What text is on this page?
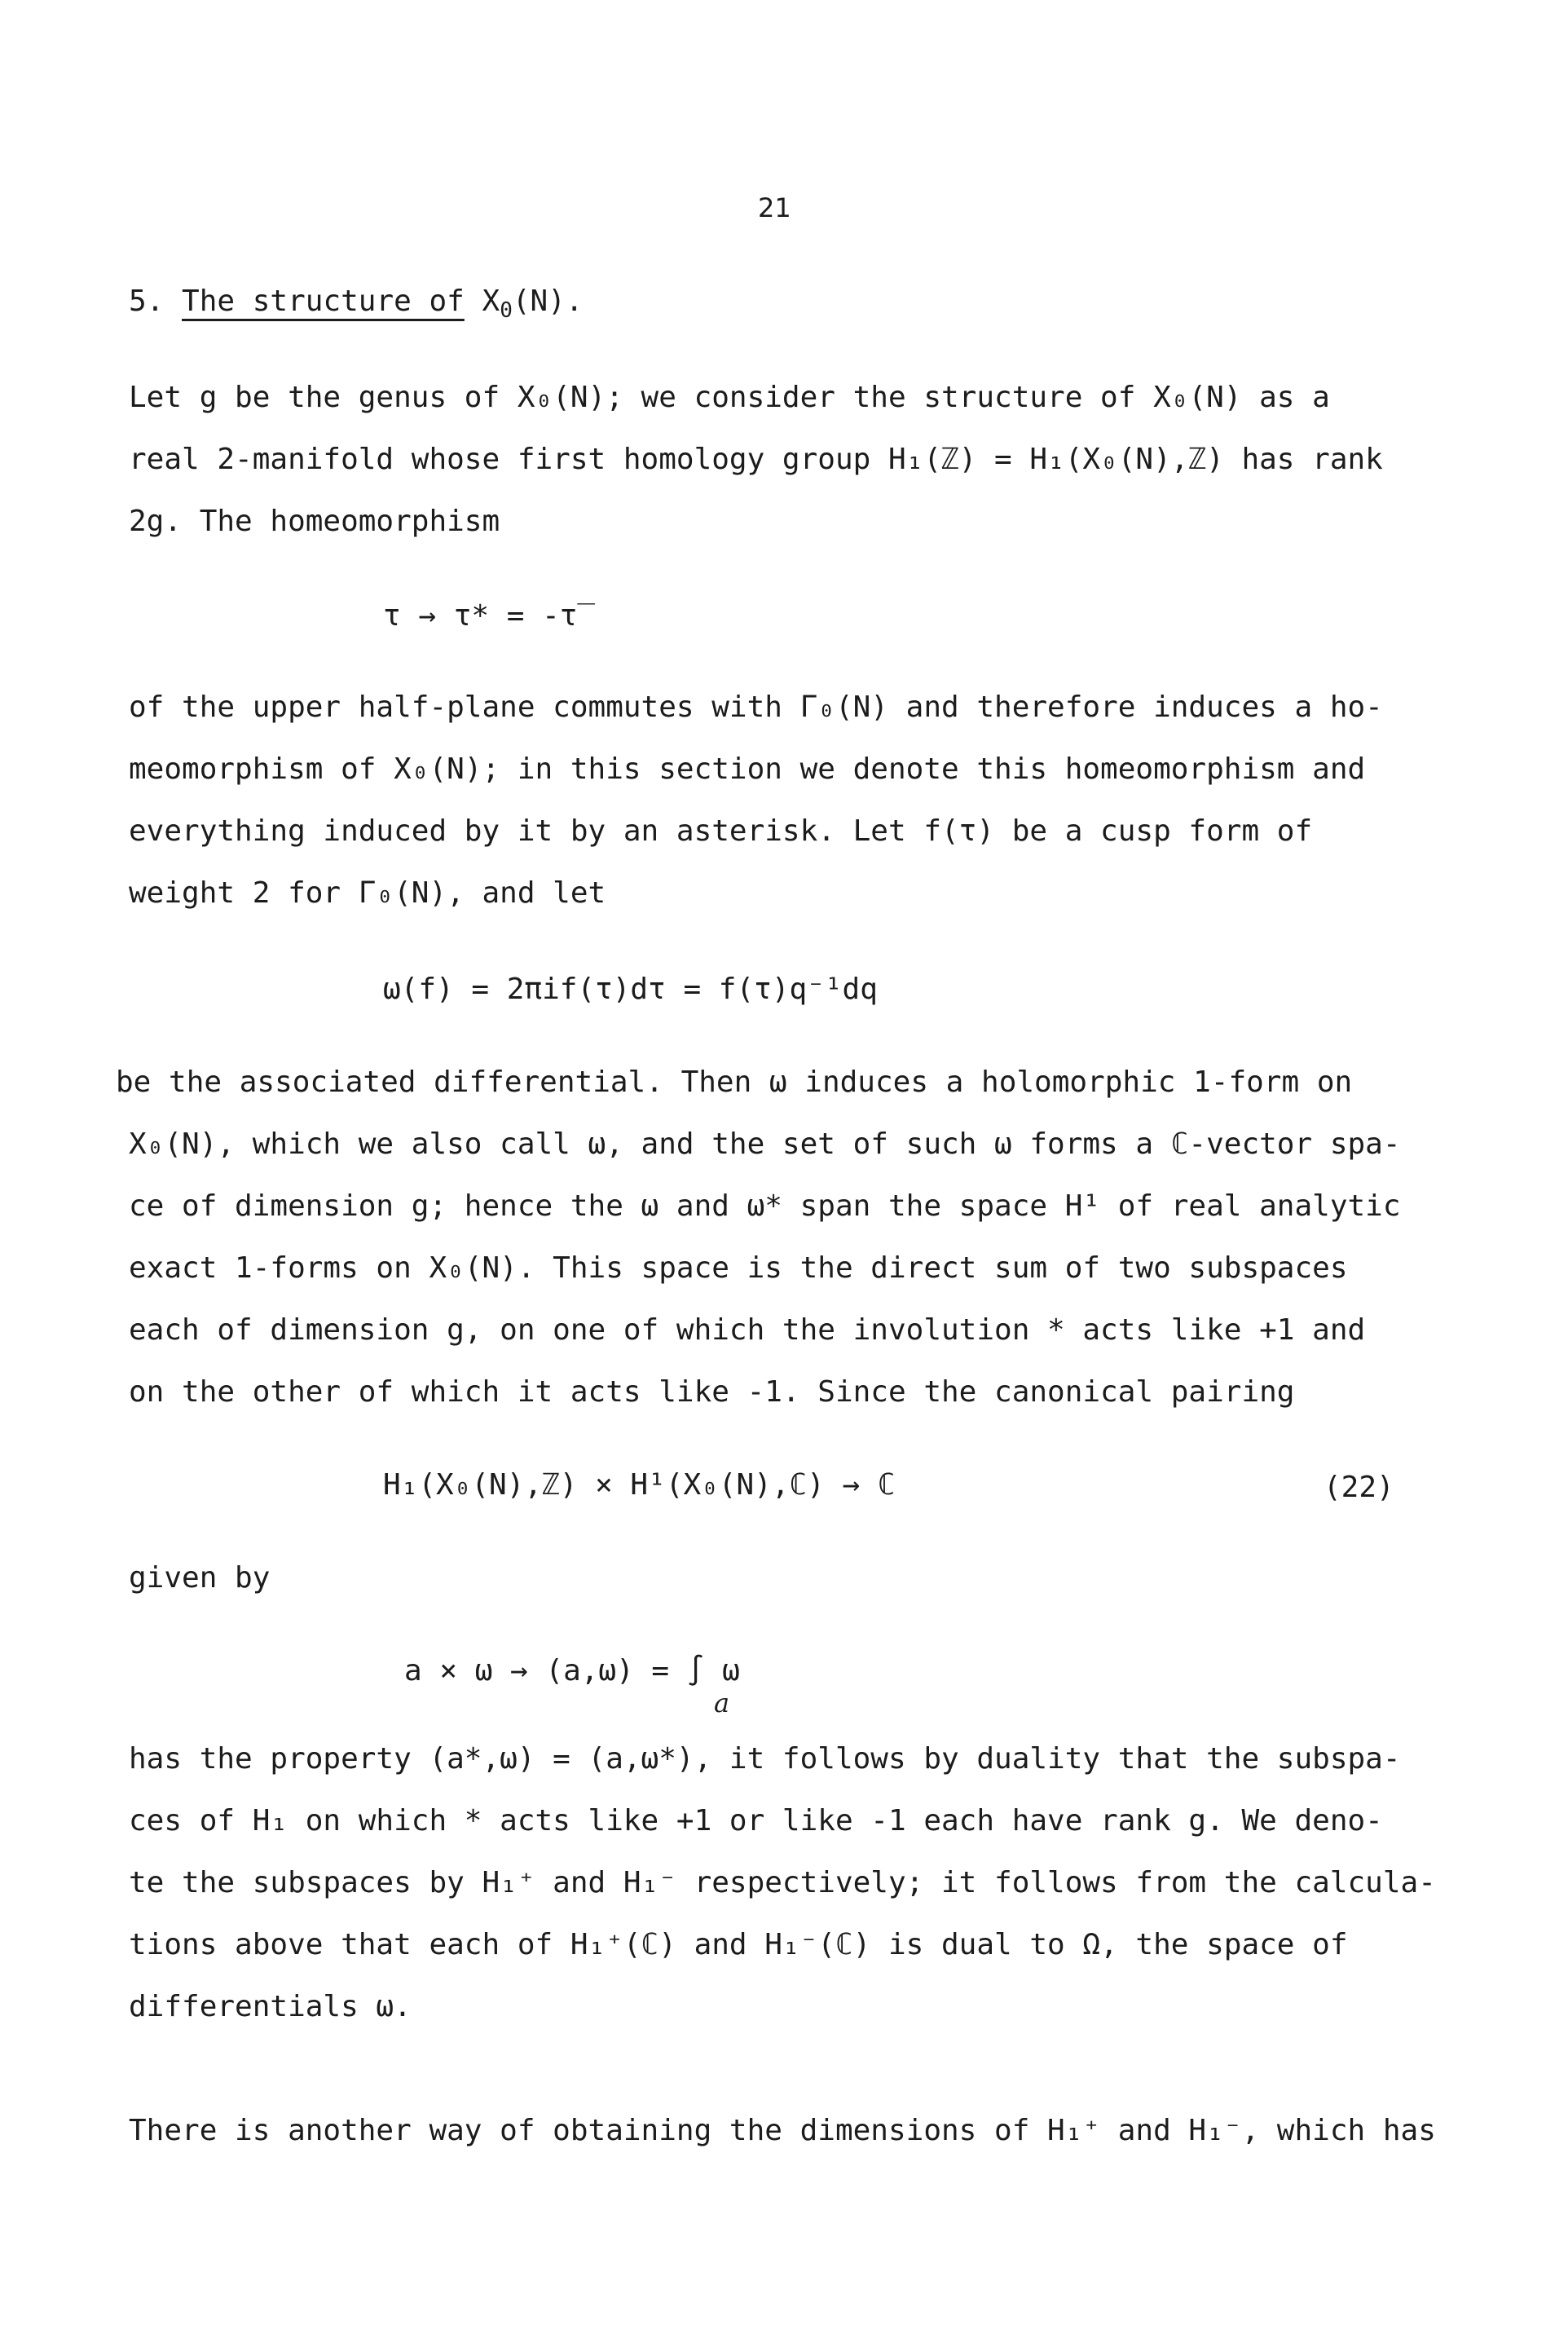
21
5. The structure of $X_0(N)$.
Let g be the genus of X₀(N); we consider the structure of X₀(N) as a
real 2-manifold whose first homology group H₁(ℤ) = H₁(X₀(N),ℤ) has rank
2g. The homeomorphism
τ → τ* = -τ̅
of the upper half-plane commutes with Γ₀(N) and therefore induces a ho-
meomorphism of X₀(N); in this section we denote this homeomorphism and
everything induced by it by an asterisk. Let f(τ) be a cusp form of
weight 2 for Γ₀(N), and let
ω(f) = 2πif(τ)dτ = f(τ)q⁻¹dq
be the associated differential. Then ω induces a holomorphic 1-form on
X₀(N), which we also call ω, and the set of such ω forms a ℂ-vector spa-
ce of dimension g; hence the ω and ω* span the space H¹ of real analytic
exact 1-forms on X₀(N). This space is the direct sum of two subspaces
each of dimension g, on one of which the involution * acts like +1 and
on the other of which it acts like -1. Since the canonical pairing
H₁(X₀(N),ℤ) × H¹(X₀(N),ℂ) → ℂ	(22)
given by
a × ω → (a,ω) = ∫ ω
a
has the property (a*,ω) = (a,ω*), it follows by duality that the subspa-
ces of H₁ on which * acts like +1 or like -1 each have rank g. We deno-
te the subspaces by H₁⁺ and H₁⁻ respectively; it follows from the calcula-
tions above that each of H₁⁺(ℂ) and H₁⁻(ℂ) is dual to Ω, the space of
differentials ω.
There is another way of obtaining the dimensions of H₁⁺ and H₁⁻, which has
